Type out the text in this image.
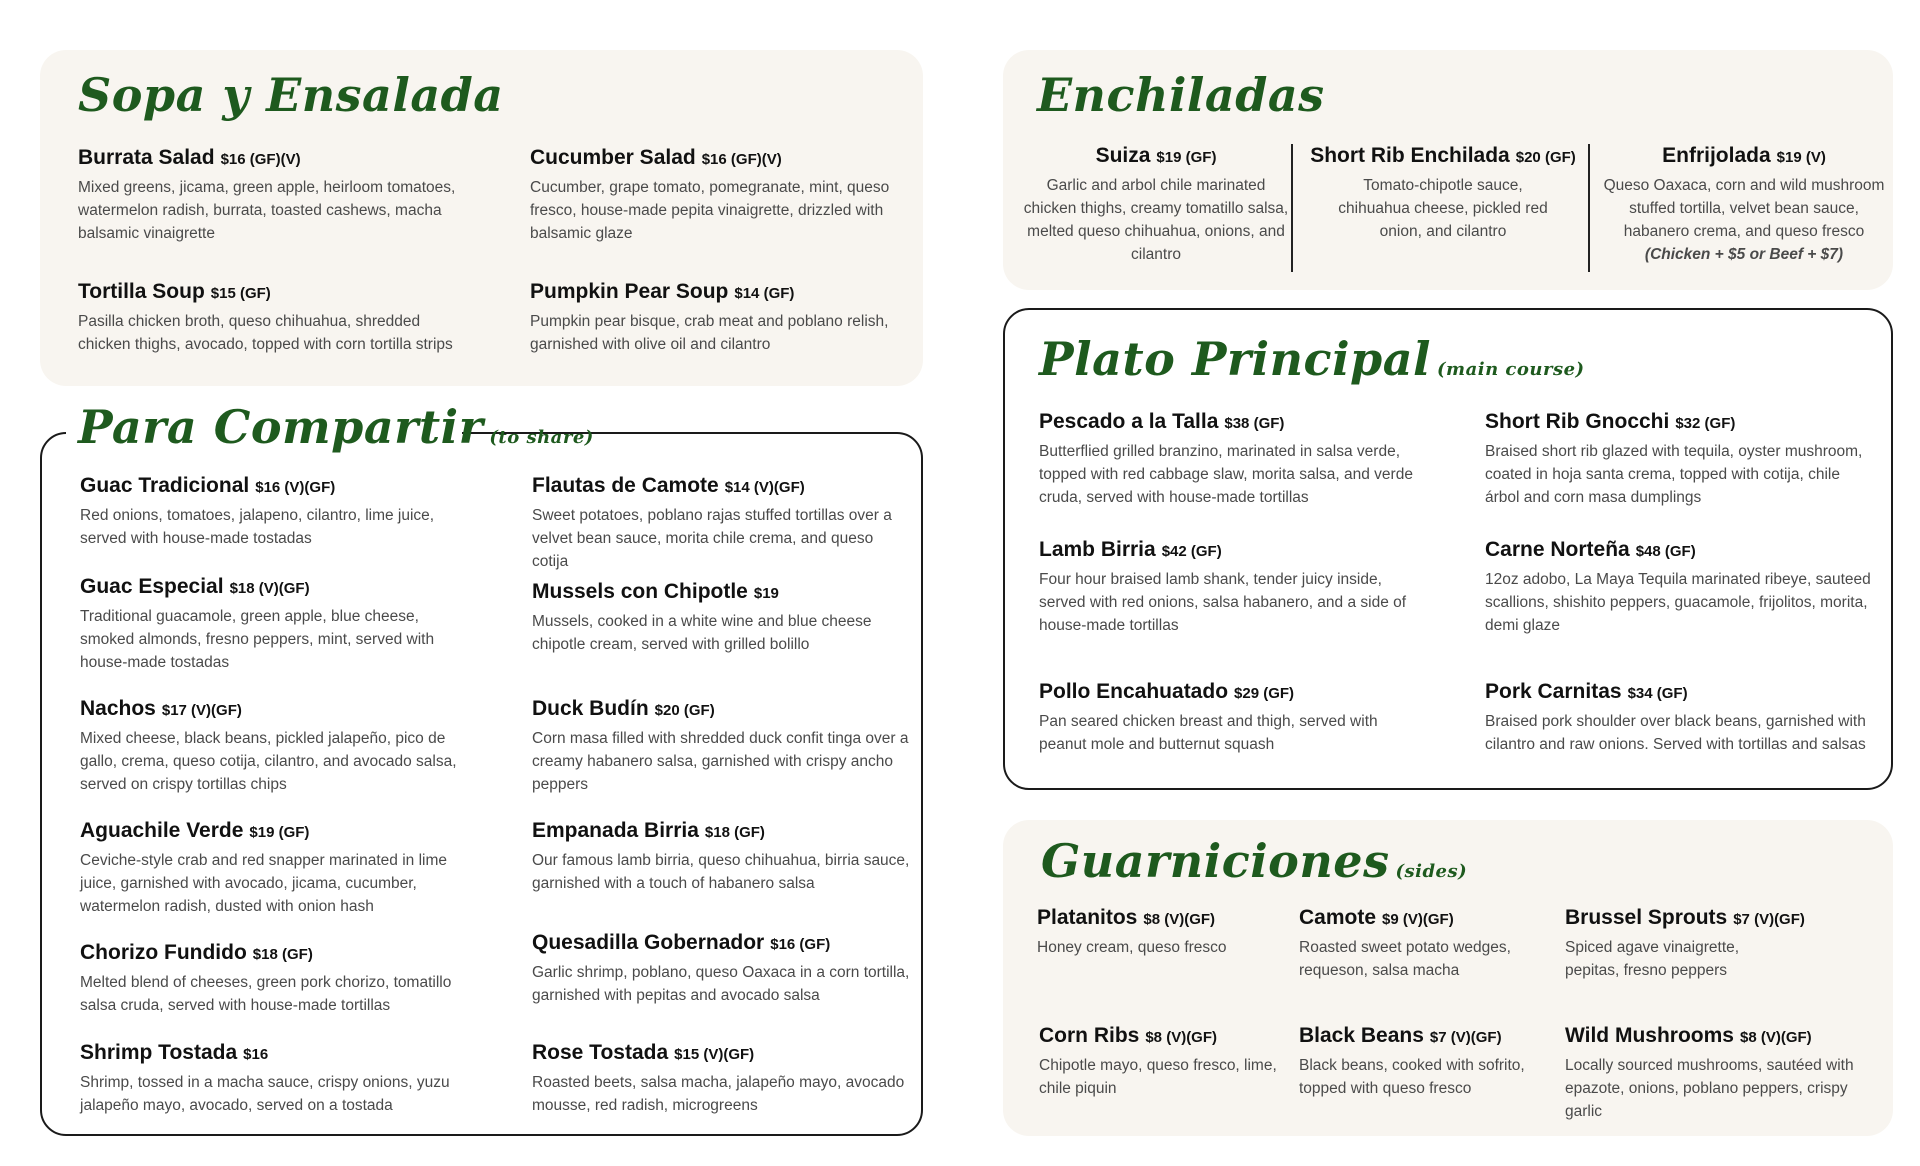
Sopa y Ensalada
Burrata Salad $16 (GF)(V)
Mixed greens, jicama, green apple, heirloom tomatoes, watermelon radish, burrata, toasted cashews, macha balsamic vinaigrette
Cucumber Salad $16 (GF)(V)
Cucumber, grape tomato, pomegranate, mint, queso fresco, house-made pepita vinaigrette, drizzled with balsamic glaze
Tortilla Soup $15 (GF)
Pasilla chicken broth, queso chihuahua, shredded chicken thighs, avocado, topped with corn tortilla strips
Pumpkin Pear Soup $14 (GF)
Pumpkin pear bisque, crab meat and poblano relish, garnished with olive oil and cilantro
Guac Tradicional $16 (V)(GF)
Red onions, tomatoes, jalapeno, cilantro, lime juice, served with house-made tostadas
Flautas de Camote $14 (V)(GF)
Sweet potatoes, poblano rajas stuffed tortillas over a velvet bean sauce, morita chile crema, and queso cotija
Guac Especial $18 (V)(GF)
Traditional guacamole, green apple, blue cheese, smoked almonds, fresno peppers, mint, served with house-made tostadas
Mussels con Chipotle $19
Mussels, cooked in a white wine and blue cheese chipotle cream, served with grilled bolillo
Nachos $17 (V)(GF)
Mixed cheese, black beans, pickled jalapeño, pico de gallo, crema, queso cotija, cilantro, and avocado salsa, served on crispy tortillas chips
Duck Budín $20 (GF)
Corn masa filled with shredded duck confit tinga over a creamy habanero salsa, garnished with crispy ancho peppers
Aguachile Verde $19 (GF)
Ceviche-style crab and red snapper marinated in lime juice, garnished with avocado, jicama, cucumber, watermelon radish, dusted with onion hash
Empanada Birria $18 (GF)
Our famous lamb birria, queso chihuahua, birria sauce, garnished with a touch of habanero salsa
Chorizo Fundido $18 (GF)
Melted blend of cheeses, green pork chorizo, tomatillo salsa cruda, served with house-made tortillas
Quesadilla Gobernador $16 (GF)
Garlic shrimp, poblano, queso Oaxaca in a corn tortilla, garnished with pepitas and avocado salsa
Shrimp Tostada $16
Shrimp, tossed in a macha sauce, crispy onions, yuzu jalapeño mayo, avocado, served on a tostada
Rose Tostada $15 (V)(GF)
Roasted beets, salsa macha, jalapeño mayo, avocado mousse, red radish, microgreens
Para Compartir (to share)
Enchiladas
Suiza $19 (GF)
Garlic and arbol chile marinated chicken thighs, creamy tomatillo salsa, melted queso chihuahua, onions, and cilantro
Short Rib Enchilada $20 (GF)
Tomato-chipotle sauce, chihuahua cheese, pickled red onion, and cilantro
Enfrijolada $19 (V)
Queso Oaxaca, corn and wild mushroom stuffed tortilla, velvet bean sauce, habanero crema, and queso fresco
(Chicken + $5 or Beef + $7)
Plato Principal (main course)
Pescado a la Talla $38 (GF)
Butterflied grilled branzino, marinated in salsa verde, topped with red cabbage slaw, morita salsa, and verde cruda, served with house-made tortillas
Short Rib Gnocchi $32 (GF)
Braised short rib glazed with tequila, oyster mushroom, coated in hoja santa crema, topped with cotija, chile árbol and corn masa dumplings
Lamb Birria $42 (GF)
Four hour braised lamb shank, tender juicy inside, served with red onions, salsa habanero, and a side of house-made tortillas
Carne Norteña $48 (GF)
12oz adobo, La Maya Tequila marinated ribeye, sauteed scallions, shishito peppers, guacamole, frijolitos, morita, demi glaze
Pollo Encahuatado $29 (GF)
Pan seared chicken breast and thigh, served with peanut mole and butternut squash
Pork Carnitas $34 (GF)
Braised pork shoulder over black beans, garnished with cilantro and raw onions. Served with tortillas and salsas
Guarniciones (sides)
Platanitos $8 (V)(GF)
Honey cream, queso fresco
Camote $9 (V)(GF)
Roasted sweet potato wedges, requeson, salsa macha
Brussel Sprouts $7 (V)(GF)
Spiced agave vinaigrette, pepitas, fresno peppers
Corn Ribs $8 (V)(GF)
Chipotle mayo, queso fresco, lime, chile piquin
Black Beans $7 (V)(GF)
Black beans, cooked with sofrito, topped with queso fresco
Wild Mushrooms $8 (V)(GF)
Locally sourced mushrooms, sautéed with epazote, onions, poblano peppers, crispy garlic
